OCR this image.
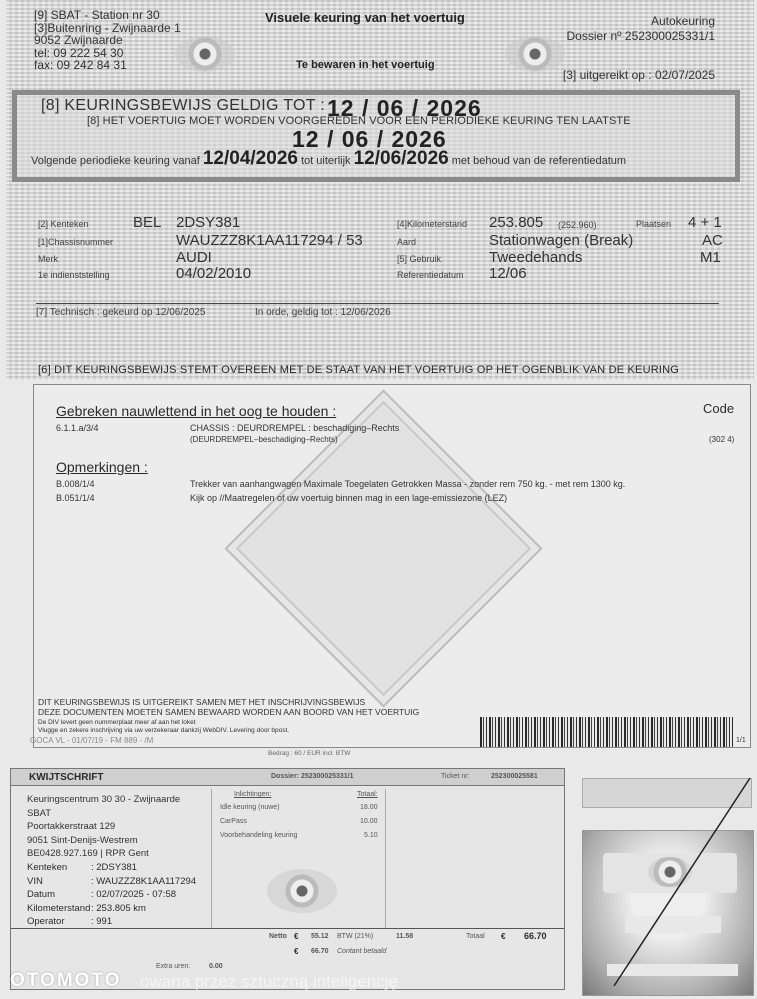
[9] SBAT - Station nr 30
[3]Buitenring - Zwijnaarde 1
9052 Zwijnaarde
tel: 09 222 54 30
fax: 09 242 84 31
Visuele keuring van het voertuig
Te bewaren in het voertuig
Autokeuring
Dossier nº 252300025331/1
[3] uitgereikt op : 02/07/2025
[8] KEURINGSBEWIJS GELDIG TOT : 12 / 06 / 2026
[8] HET VOERTUIG MOET WORDEN VOORGEREDEN VOOR EEN PERIODIEKE KEURING TEN LAATSTE
12 / 06 / 2026
Volgende periodieke keuring vanaf 12/04/2026 tot uiterlijk 12/06/2026 met behoud van de referentiedatum
[2] Kenteken	BEL 2DSY381
[1]Chassisnummer	WAUZZZ8K1AA117294 / 53
Merk	AUDI
1e indienststelling	04/02/2010
[4]Kilometerstand 253.805 (252.960)	Plaatsen 4 + 1
Aard	Stationwagen (Break)	AC
[5] Gebruik	Tweedehands	M1
Referentiedatum 12/06
[7] Technisch : gekeurd op 12/06/2025	In orde, geldig tot : 12/06/2026
[6] DIT KEURINGSBEWIJS STEMT OVEREEN MET DE STAAT VAN HET VOERTUIG OP HET OGENBLIK VAN DE KEURING
Gebreken nauwlettend in het oog te houden :	Code
6.1.1.a/3/4	CHASSIS : DEURDREMPEL : beschadiging–Rechts
(DEURDREMPEL–beschadiging–Rechts)	(302 4)
Opmerkingen :
B.008/1/4	Trekker van aanhangwagen Maximale Toegelaten Getrokken Massa - zonder rem 750 kg. - met rem 1300 kg.
B.051/1/4	Kijk op //Maatregelen of uw voertuig binnen mag in een lage-emissiezone (LEZ)
DIT KEURINGSBEWIJS IS UITGEREIKT SAMEN MET HET INSCHRIJVINGSBEWIJS
DEZE DOCUMENTEN MOETEN SAMEN BEWAARD WORDEN AAN BOORD VAN HET VOERTUIG
De DIV levert geen nummerplaat meer af aan het loket
Vlugge en zekere inschrijving via uw verzekeraar dankzij WebDIV. Levering door bpost.
GOCA VL - 01/07/19 - FM 889 - /M	1/1
Bedrag : 60 / EUR incl. BTW
KWIJTSCHRIFT	Dossier: 252300025331/1	Ticket nr:	252300025581
Keuringscentrum 30 30 - Zwijnaarde
SBAT
Poortakkerstraat 129
9051 Sint-Denijs-Westrem
BE0428.927.169 | RPR Gent
Kenteken	: 2DSY381
VIN	: WAUZZZ8K1AA117294
Datum	: 02/07/2025 - 07:58
Kilometerstand : 253.805 km
Operator	: 991
Inlichtingen:	Totaal:
Idle keuring (nuwe)	18.00
CarPass	10.00
Voorbehandeling keuring	5.10
Netto € 55.12 BTW (21%)	11.58	Totaal € 66.70
€ 66.70 Contant betaald
Extra uren:	0.00
OTOMOTO owana przez sztuczną inteligencję
